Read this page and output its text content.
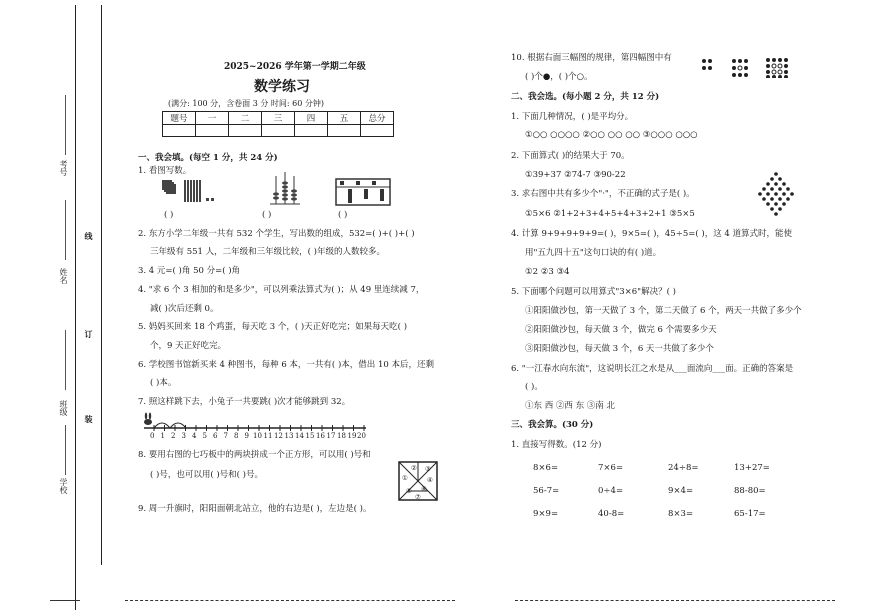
考号
姓名
班级
学校
线
订
装
2025~2026 学年第一学期二年级
数学练习
(满分: 100 分，含卷面 3 分 时间: 60 分钟)
题号	一	二	三	四	五	总分

一、我会填。(每空 1 分，共 24 分)
1. 看图写数。
( )	( )	( )
2. 东方小学二年级一共有 532 个学生，写出数的组成，532=( )+( )+( )
三年级有 551 人，二年级和三年级比较，( )年级的人数较多。
3. 4 元=( )角 50 分=( )角
4. "求 6 个 3 相加的和是多少"，可以列乘法算式为( )；从 49 里连续减 7，
减( )次后还剩 0。
5. 妈妈买回来 18 个鸡蛋，每天吃 3 个，( )天正好吃完；如果每天吃( )
个，9 天正好吃完。
6. 学校图书馆新买来 4 种图书，每种 6 本，一共有( )本，借出 10 本后，还剩
( )本。
7. 照这样跳下去，小兔子一共要跳( )次才能够跳到 32。
0 1 2 3 4 5 6 7 8 9 10 11 12 13 14 15 16 17 18 19 20
8. 要用右图的七巧板中的两块拼成一个正方形，可以用( )号和
( )号，也可以用( )号和( )号。	①
② ③
④
⑤ ⑥
⑦
9. 周一升旗时，阳阳面朝北站立，他的右边是( )，左边是( )。
10. 根据右面三幅图的规律，第四幅图中有
( )个●，( )个○。
二、我会选。(每小题 2 分，共 12 分)
1. 下面几种情况，( )是平均分。
①○○ ○○○○ ②○○ ○○ ○○ ③○○○ ○○○
2. 下面算式( )的结果大于 70。
①39+37 ②74-7 ③90-22
3. 求右图中共有多少个"·"，不正确的式子是( )。
①5×6 ②1+2+3+4+5+4+3+2+1 ③5×5
4. 计算 9+9+9+9+9=( )，9×5=( )，45÷5=( )，这 4 道算式时，能使
用"五九四十五"这句口诀的有( )道。
①2 ②3 ③4
5. 下面哪个问题可以用算式"3×6"解决？( )
①阳阳做沙包，第一天做了 3 个，第二天做了 6 个，两天一共做了多少个
②阳阳做沙包，每天做 3 个，做完 6 个需要多少天
③阳阳做沙包，每天做 3 个，6 天一共做了多少个
6. "一江春水向东流"，这说明长江之水是从___面流向___面。正确的答案是
( )。
①东 西 ②西 东 ③南 北
三、我会算。(30 分)
1. 直接写得数。(12 分)
8×6=	7×6=	24÷8=	13+27=
56-7=	0÷4=	9×4=	88-80=
9×9=	40-8=	8×3=	65-17=
